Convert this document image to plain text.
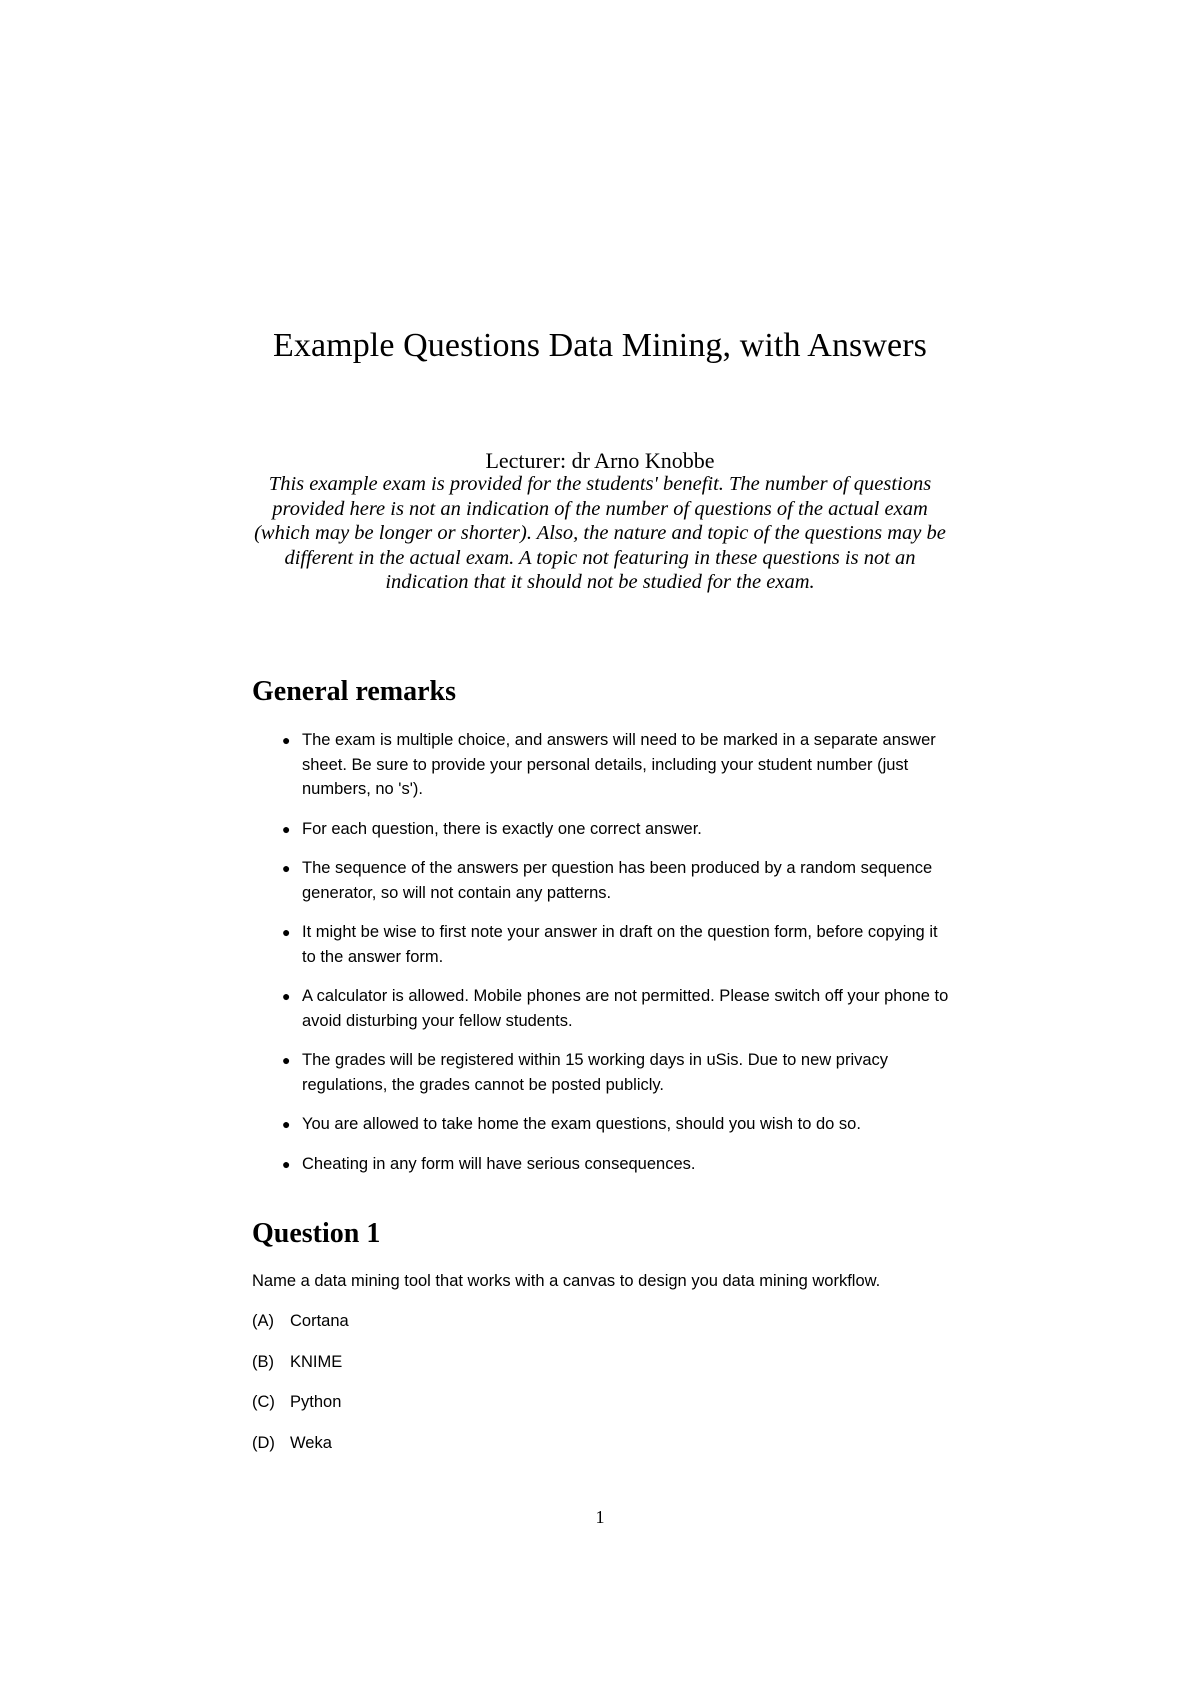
Example Questions Data Mining, with Answers
Lecturer: dr Arno Knobbe
This example exam is provided for the students' benefit. The number of questions provided here is not an indication of the number of questions of the actual exam (which may be longer or shorter). Also, the nature and topic of the questions may be different in the actual exam. A topic not featuring in these questions is not an indication that it should not be studied for the exam.
General remarks
● The exam is multiple choice, and answers will need to be marked in a separate answer sheet. Be sure to provide your personal details, including your student number (just numbers, no 's').
● For each question, there is exactly one correct answer.
● The sequence of the answers per question has been produced by a random sequence generator, so will not contain any patterns.
● It might be wise to first note your answer in draft on the question form, before copying it to the answer form.
● A calculator is allowed. Mobile phones are not permitted. Please switch off your phone to avoid disturbing your fellow students.
● The grades will be registered within 15 working days in uSis. Due to new privacy regulations, the grades cannot be posted publicly.
● You are allowed to take home the exam questions, should you wish to do so.
● Cheating in any form will have serious consequences.
Question 1
Name a data mining tool that works with a canvas to design you data mining workflow.
(A) Cortana
(B) KNIME
(C) Python
(D) Weka
1
